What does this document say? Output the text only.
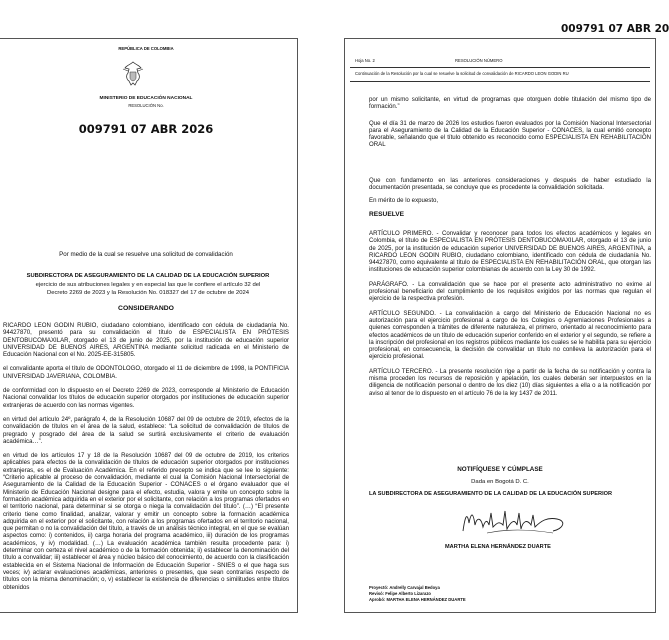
009791 07 ABR 20

REPÚBLICA DE COLOMBIA

MINISTERIO DE EDUCACIÓN NACIONAL

RESOLUCIÓN No.

009791 07 ABR 2026

Por medio de la cual se resuelve una solicitud de convalidación

SUBDIRECTORA DE ASEGURAMIENTO DE LA CALIDAD DE LA EDUCACIÓN SUPERIOR

ejercicio de sus atribuciones legales y en especial las que le confiere el artículo 32 del

Decreto 2269 de 2023 y la Resolución No. 018327 del 17 de octubre de 2024

CONSIDERANDO

RICARDO LEON GODIN RUBIO, ciudadano colombiano, identificado con cédula de ciudadanía No. 94427870, presentó para su convalidación el título de ESPECIALISTA EN PRÓTESIS DENTOBUCOMAXILAR, otorgado el 13 de junio de 2025, por la institución de educación superior UNIVERSIDAD DE BUENOS AIRES, ARGENTINA mediante solicitud radicada en el Ministerio de Educación Nacional con el No. 2025-EE-315805.

el convalidante aporta el título de ODONTOLOGO, otorgado el 11 de diciembre de 1998, la PONTIFICIA UNIVERSIDAD JAVERIANA, COLOMBIA.

de conformidad con lo dispuesto en el Decreto 2269 de 2023, corresponde al Ministerio de Educación Nacional convalidar los títulos de educación superior otorgados por instituciones de educación superior extranjeras de acuerdo con las normas vigentes.

en virtud del artículo 24º, parágrafo 4, de la Resolución 10687 del 09 de octubre de 2019, efectos de la convalidación de títulos en el área de la salud, establece: “La solicitud de convalidación de títulos de pregrado y posgrado del área de la salud se surtirá exclusivamente el criterio de evaluación académica…”.

en virtud de los artículos 17 y 18 de la Resolución 10687 del 09 de octubre de 2019, los criterios aplicables para efectos de la convalidación de títulos de educación superior otorgados por instituciones extranjeras, es el de Evaluación Académica. En el referido precepto se indica que se lee lo siguiente: “Criterio aplicable al proceso de convalidación, mediante el cual la Comisión Nacional Intersectorial de Aseguramiento de la Calidad de la Educación Superior - CONACES o el órgano evaluador que el Ministerio de Educación Nacional designe para el efecto, estudia, valora y emite un concepto sobre la formación académica adquirida en el exterior por el solicitante, con relación a los programas ofertados en el territorio nacional, para determinar si se otorga o niega la convalidación del título”. (…) “El presente criterio tiene como finalidad, analizar, valorar y emitir un concepto sobre la formación académica adquirida en el exterior por el solicitante, con relación a los programas ofertados en el territorio nacional, que permitan o no la convalidación del título, a través de un análisis técnico integral, en el que se evalúan aspectos como: i) contenidos, ii) carga horaria del programa académico, iii) duración de los programas académicos, y iv) modalidad. (…) La evaluación académica también resulta procedente para: i) determinar con certeza el nivel académico o de la formación obtenida; ii) establecer la denominación del título a convalidar; iii) establecer el área y núcleo básico del conocimiento, de acuerdo con la clasificación establecida en el Sistema Nacional de Información de Educación Superior - SNIES o el que haga sus veces; iv) aclarar evaluaciones académicas, anteriores o presentes, que sean contrarias respecto de títulos con la misma denominación; o, v) establecer la existencia de diferencias o similitudes entre títulos obtenidos

Hoja No. 2	RESOLUCIÓN NÚMERO

Continuación de la Resolución por la cual se resuelve la solicitud de convalidación de RICARDO LEON GODIN RU

por un mismo solicitante, en virtud de programas que otorguen doble titulación del mismo tipo de formación.”

Que el día 31 de marzo de 2026 los estudios fueron evaluados por la Comisión Nacional Intersectorial para el Aseguramiento de la Calidad de la Educación Superior - CONACES, la cual emitió concepto favorable, señalando que el título obtenido es reconocido como ESPECIALISTA EN REHABILITACIÓN ORAL

Que con fundamento en las anteriores consideraciones y después de haber estudiado la documentación presentada, se concluye que es procedente la convalidación solicitada.

En mérito de lo expuesto,

RESUELVE

ARTÍCULO PRIMERO. - Convalidar y reconocer para todos los efectos académicos y legales en Colombia, el título de ESPECIALISTA EN PRÓTESIS DENTOBUCOMAXILAR, otorgado el 13 de junio de 2025, por la institución de educación superior UNIVERSIDAD DE BUENOS AIRES, ARGENTINA, a RICARDO LEON GODIN RUBIO, ciudadano colombiano, identificado con cédula de ciudadanía No. 94427870, como equivalente al título de ESPECIALISTA EN REHABILITACIÓN ORAL, que otorgan las instituciones de educación superior colombianas de acuerdo con la Ley 30 de 1992.

PARÁGRAFO. - La convalidación que se hace por el presente acto administrativo no exime al profesional beneficiario del cumplimiento de los requisitos exigidos por las normas que regulan el ejercicio de la respectiva profesión.

ARTÍCULO SEGUNDO. - La convalidación a cargo del Ministerio de Educación Nacional no es autorización para el ejercicio profesional a cargo de los Colegios o Agremiaciones Profesionales a quienes corresponden a trámites de diferente naturaleza, el primero, orientado al reconocimiento para efectos académicos de un título de educación superior conferido en el exterior y el segundo, se refiere a la inscripción del profesional en los registros públicos mediante los cuales se le habilita para su ejercicio profesional, en consecuencia, la decisión de convalidar un título no conlleva la autorización para el ejercicio profesional.

ARTÍCULO TERCERO. - La presente resolución rige a partir de la fecha de su notificación y contra la misma proceden los recursos de reposición y apelación, los cuales deberán ser interpuestos en la diligencia de notificación personal o dentro de los diez (10) días siguientes a ella o a la notificación por aviso al tenor de lo dispuesto en el artículo 76 de la ley 1437 de 2011.

NOTIFÍQUESE Y CÚMPLASE

Dada en Bogotá D. C.

LA SUBDIRECTORA DE ASEGURAMIENTO DE LA CALIDAD DE LA EDUCACIÓN SUPERIOR

MARTHA ELENA HERNÁNDEZ DUARTE

Proyectó: Andrelly Carvajal Bedoya

Revisó: Felipe Alberto Lizarazo

Aprobó: MARTHA ELENA HERNÁNDEZ DUARTE
